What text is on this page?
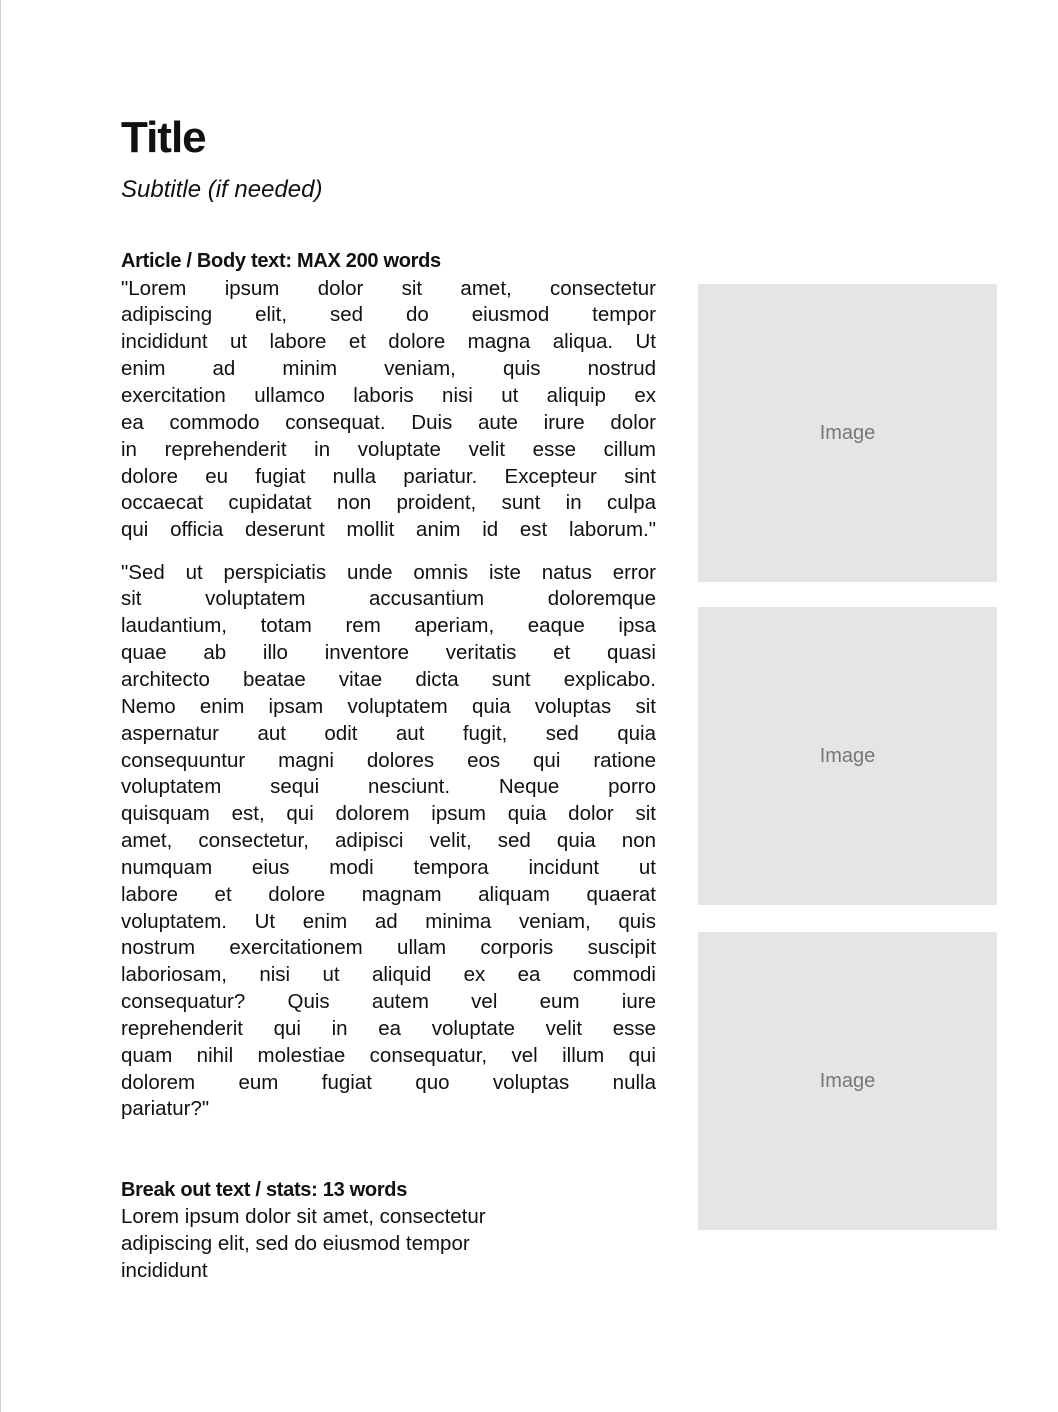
Title
Subtitle (if needed)
Article / Body text: MAX 200 words
"Lorem ipsum dolor sit amet, consectetur
adipiscing elit, sed do eiusmod tempor
incididunt ut labore et dolore magna aliqua. Ut
enim ad minim veniam, quis nostrud
exercitation ullamco laboris nisi ut aliquip ex
ea commodo consequat. Duis aute irure dolor
in reprehenderit in voluptate velit esse cillum
dolore eu fugiat nulla pariatur. Excepteur sint
occaecat cupidatat non proident, sunt in culpa
qui officia deserunt mollit anim id est laborum."
"Sed ut perspiciatis unde omnis iste natus error
sit voluptatem accusantium doloremque
laudantium, totam rem aperiam, eaque ipsa
quae ab illo inventore veritatis et quasi
architecto beatae vitae dicta sunt explicabo.
Nemo enim ipsam voluptatem quia voluptas sit
aspernatur aut odit aut fugit, sed quia
consequuntur magni dolores eos qui ratione
voluptatem sequi nesciunt. Neque porro
quisquam est, qui dolorem ipsum quia dolor sit
amet, consectetur, adipisci velit, sed quia non
numquam eius modi tempora incidunt ut
labore et dolore magnam aliquam quaerat
voluptatem. Ut enim ad minima veniam, quis
nostrum exercitationem ullam corporis suscipit
laboriosam, nisi ut aliquid ex ea commodi
consequatur? Quis autem vel eum iure
reprehenderit qui in ea voluptate velit esse
quam nihil molestiae consequatur, vel illum qui
dolorem eum fugiat quo voluptas nulla
pariatur?"
Break out text / stats: 13 words
Lorem ipsum dolor sit amet, consectetur
adipiscing elit, sed do eiusmod tempor
incididunt
Image
Image
Image
